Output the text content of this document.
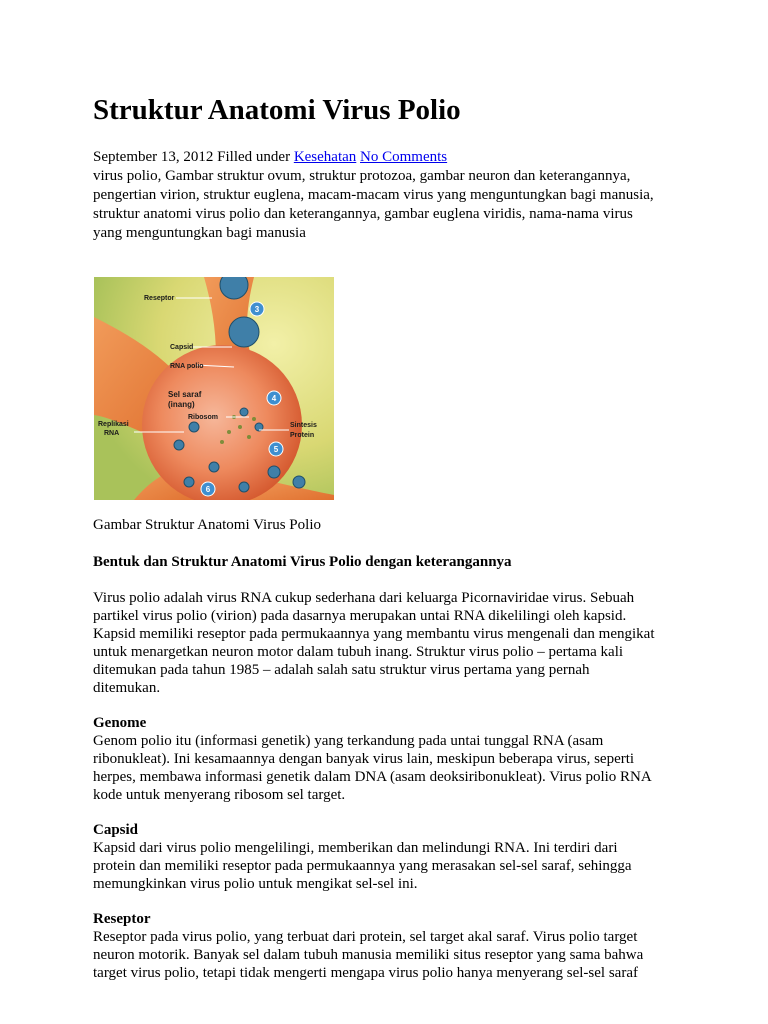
Struktur Anatomi Virus Polio
September 13, 2012 Filled under Kesehatan No Comments
virus polio, Gambar struktur ovum, struktur protozoa, gambar neuron dan keterangannya,
pengertian virion, struktur euglena, macam-macam virus yang menguntungkan bagi manusia,
struktur anatomi virus polio dan keterangannya, gambar euglena viridis, nama-nama virus
yang menguntungkan bagi manusia
Reseptor
Capsid
RNA polio
Sel saraf
(inang)
Ribosom
Replikasi
RNA
Sintesis
Protein
3
4
5
6
Gambar Struktur Anatomi Virus Polio
Bentuk dan Struktur Anatomi Virus Polio dengan keterangannya
Virus polio adalah virus RNA cukup sederhana dari keluarga Picornaviridae virus. Sebuah
partikel virus polio (virion) pada dasarnya merupakan untai RNA dikelilingi oleh kapsid.
Kapsid memiliki reseptor pada permukaannya yang membantu virus mengenali dan mengikat
untuk menargetkan neuron motor dalam tubuh inang. Struktur virus polio – pertama kali
ditemukan pada tahun 1985 – adalah salah satu struktur virus pertama yang pernah
ditemukan.
Genome
Genom polio itu (informasi genetik) yang terkandung pada untai tunggal RNA (asam
ribonukleat). Ini kesamaannya dengan banyak virus lain, meskipun beberapa virus, seperti
herpes, membawa informasi genetik dalam DNA (asam deoksiribonukleat). Virus polio RNA
kode untuk menyerang ribosom sel target.
Capsid
Kapsid dari virus polio mengelilingi, memberikan dan melindungi RNA. Ini terdiri dari
protein dan memiliki reseptor pada permukaannya yang merasakan sel-sel saraf, sehingga
memungkinkan virus polio untuk mengikat sel-sel ini.
Reseptor
Reseptor pada virus polio, yang terbuat dari protein, sel target akal saraf. Virus polio target
neuron motorik. Banyak sel dalam tubuh manusia memiliki situs reseptor yang sama bahwa
target virus polio, tetapi tidak mengerti mengapa virus polio hanya menyerang sel-sel saraf
